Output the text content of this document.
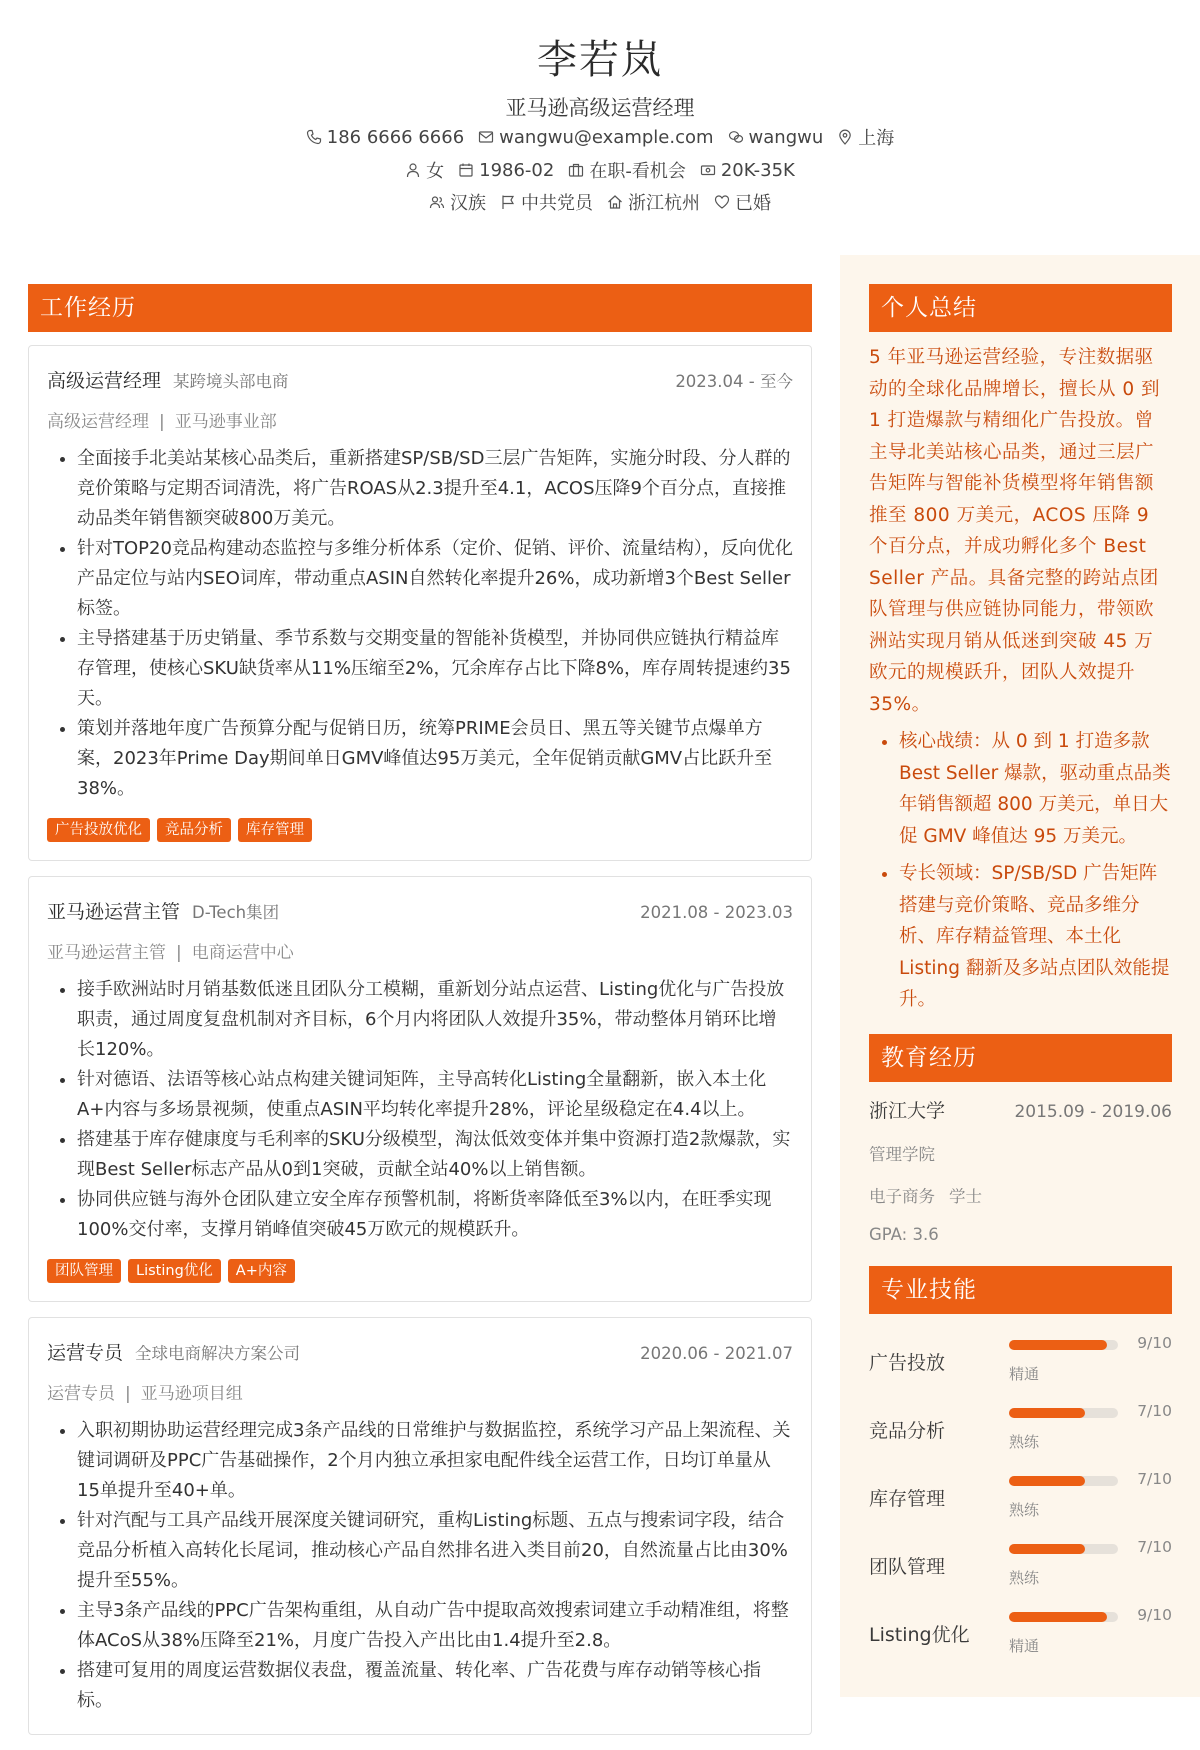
李若岚
亚马逊高级运营经理
186 6666 6666 wangwu@example.com wangwu 上海
女 1986-02 在职-看机会 20K-35K
汉族 中共党员 浙江杭州 已婚
工作经历
高级运营经理 某跨境头部电商	2023.04 - 至今
高级运营经理 | 亚马逊事业部
• 全面接手北美站某核心品类后，重新搭建SP/SB/SD三层广告矩阵，实施分时段、分人群的竞价策略与定期否词清洗，将广告ROAS从2.3提升至4.1，ACOS压降9个百分点，直接推动品类年销售额突破800万美元。
• 针对TOP20竞品构建动态监控与多维分析体系（定价、促销、评价、流量结构），反向优化产品定位与站内SEO词库，带动重点ASIN自然转化率提升26%，成功新增3个Best Seller标签。
• 主导搭建基于历史销量、季节系数与交期变量的智能补货模型，并协同供应链执行精益库存管理，使核心SKU缺货率从11%压缩至2%，冗余库存占比下降8%，库存周转提速约35天。
• 策划并落地年度广告预算分配与促销日历，统筹PRIME会员日、黑五等关键节点爆单方案，2023年Prime Day期间单日GMV峰值达95万美元，全年促销贡献GMV占比跃升至38%。
广告投放优化	竞品分析	库存管理
亚马逊运营主管 D-Tech集团	2021.08 - 2023.03
亚马逊运营主管 | 电商运营中心
• 接手欧洲站时月销基数低迷且团队分工模糊，重新划分站点运营、Listing优化与广告投放职责，通过周度复盘机制对齐目标，6个月内将团队人效提升35%，带动整体月销环比增长120%。
• 针对德语、法语等核心站点构建关键词矩阵，主导高转化Listing全量翻新，嵌入本土化A+内容与多场景视频，使重点ASIN平均转化率提升28%，评论星级稳定在4.4以上。
• 搭建基于库存健康度与毛利率的SKU分级模型，淘汰低效变体并集中资源打造2款爆款，实现Best Seller标志产品从0到1突破，贡献全站40%以上销售额。
• 协同供应链与海外仓团队建立安全库存预警机制，将断货率降低至3%以内，在旺季实现100%交付率，支撑月销峰值突破45万欧元的规模跃升。
团队管理	Listing优化	A+内容
运营专员 全球电商解决方案公司	2020.06 - 2021.07
运营专员 | 亚马逊项目组
• 入职初期协助运营经理完成3条产品线的日常维护与数据监控，系统学习产品上架流程、关键词调研及PPC广告基础操作，2个月内独立承担家电配件线全运营工作，日均订单量从15单提升至40+单。
• 针对汽配与工具产品线开展深度关键词研究，重构Listing标题、五点与搜索词字段，结合竞品分析植入高转化长尾词，推动核心产品自然排名进入类目前20，自然流量占比由30%提升至55%。
• 主导3条产品线的PPC广告架构重组，从自动广告中提取高效搜索词建立手动精准组，将整体ACoS从38%压降至21%，月度广告投入产出比由1.4提升至2.8。
• 搭建可复用的周度运营数据仪表盘，覆盖流量、转化率、广告花费与库存动销等核心指标。
个人总结
5 年亚马逊运营经验，专注数据驱动的全球化品牌增长，擅长从 0 到 1 打造爆款与精细化广告投放。曾主导北美站核心品类，通过三层广告矩阵与智能补货模型将年销售额推至 800 万美元，ACOS 压降 9 个百分点，并成功孵化多个 Best Seller 产品。具备完整的跨站点团队管理与供应链协同能力，带领欧洲站实现月销从低迷到突破 45 万欧元的规模跃升，团队人效提升 35%。
• 核心战绩：从 0 到 1 打造多款 Best Seller 爆款，驱动重点品类年销售额超 800 万美元，单日大促 GMV 峰值达 95 万美元。
• 专长领域：SP/SB/SD 广告矩阵搭建与竞价策略、竞品多维分析、库存精益管理、本土化 Listing 翻新及多站点团队效能提升。
教育经历
浙江大学	2015.09 - 2019.06
管理学院
电子商务 学士
GPA: 3.6
专业技能
广告投放
9/10
精通
竞品分析
7/10
熟练
库存管理
7/10
熟练
团队管理
7/10
熟练
Listing优化
9/10
精通
